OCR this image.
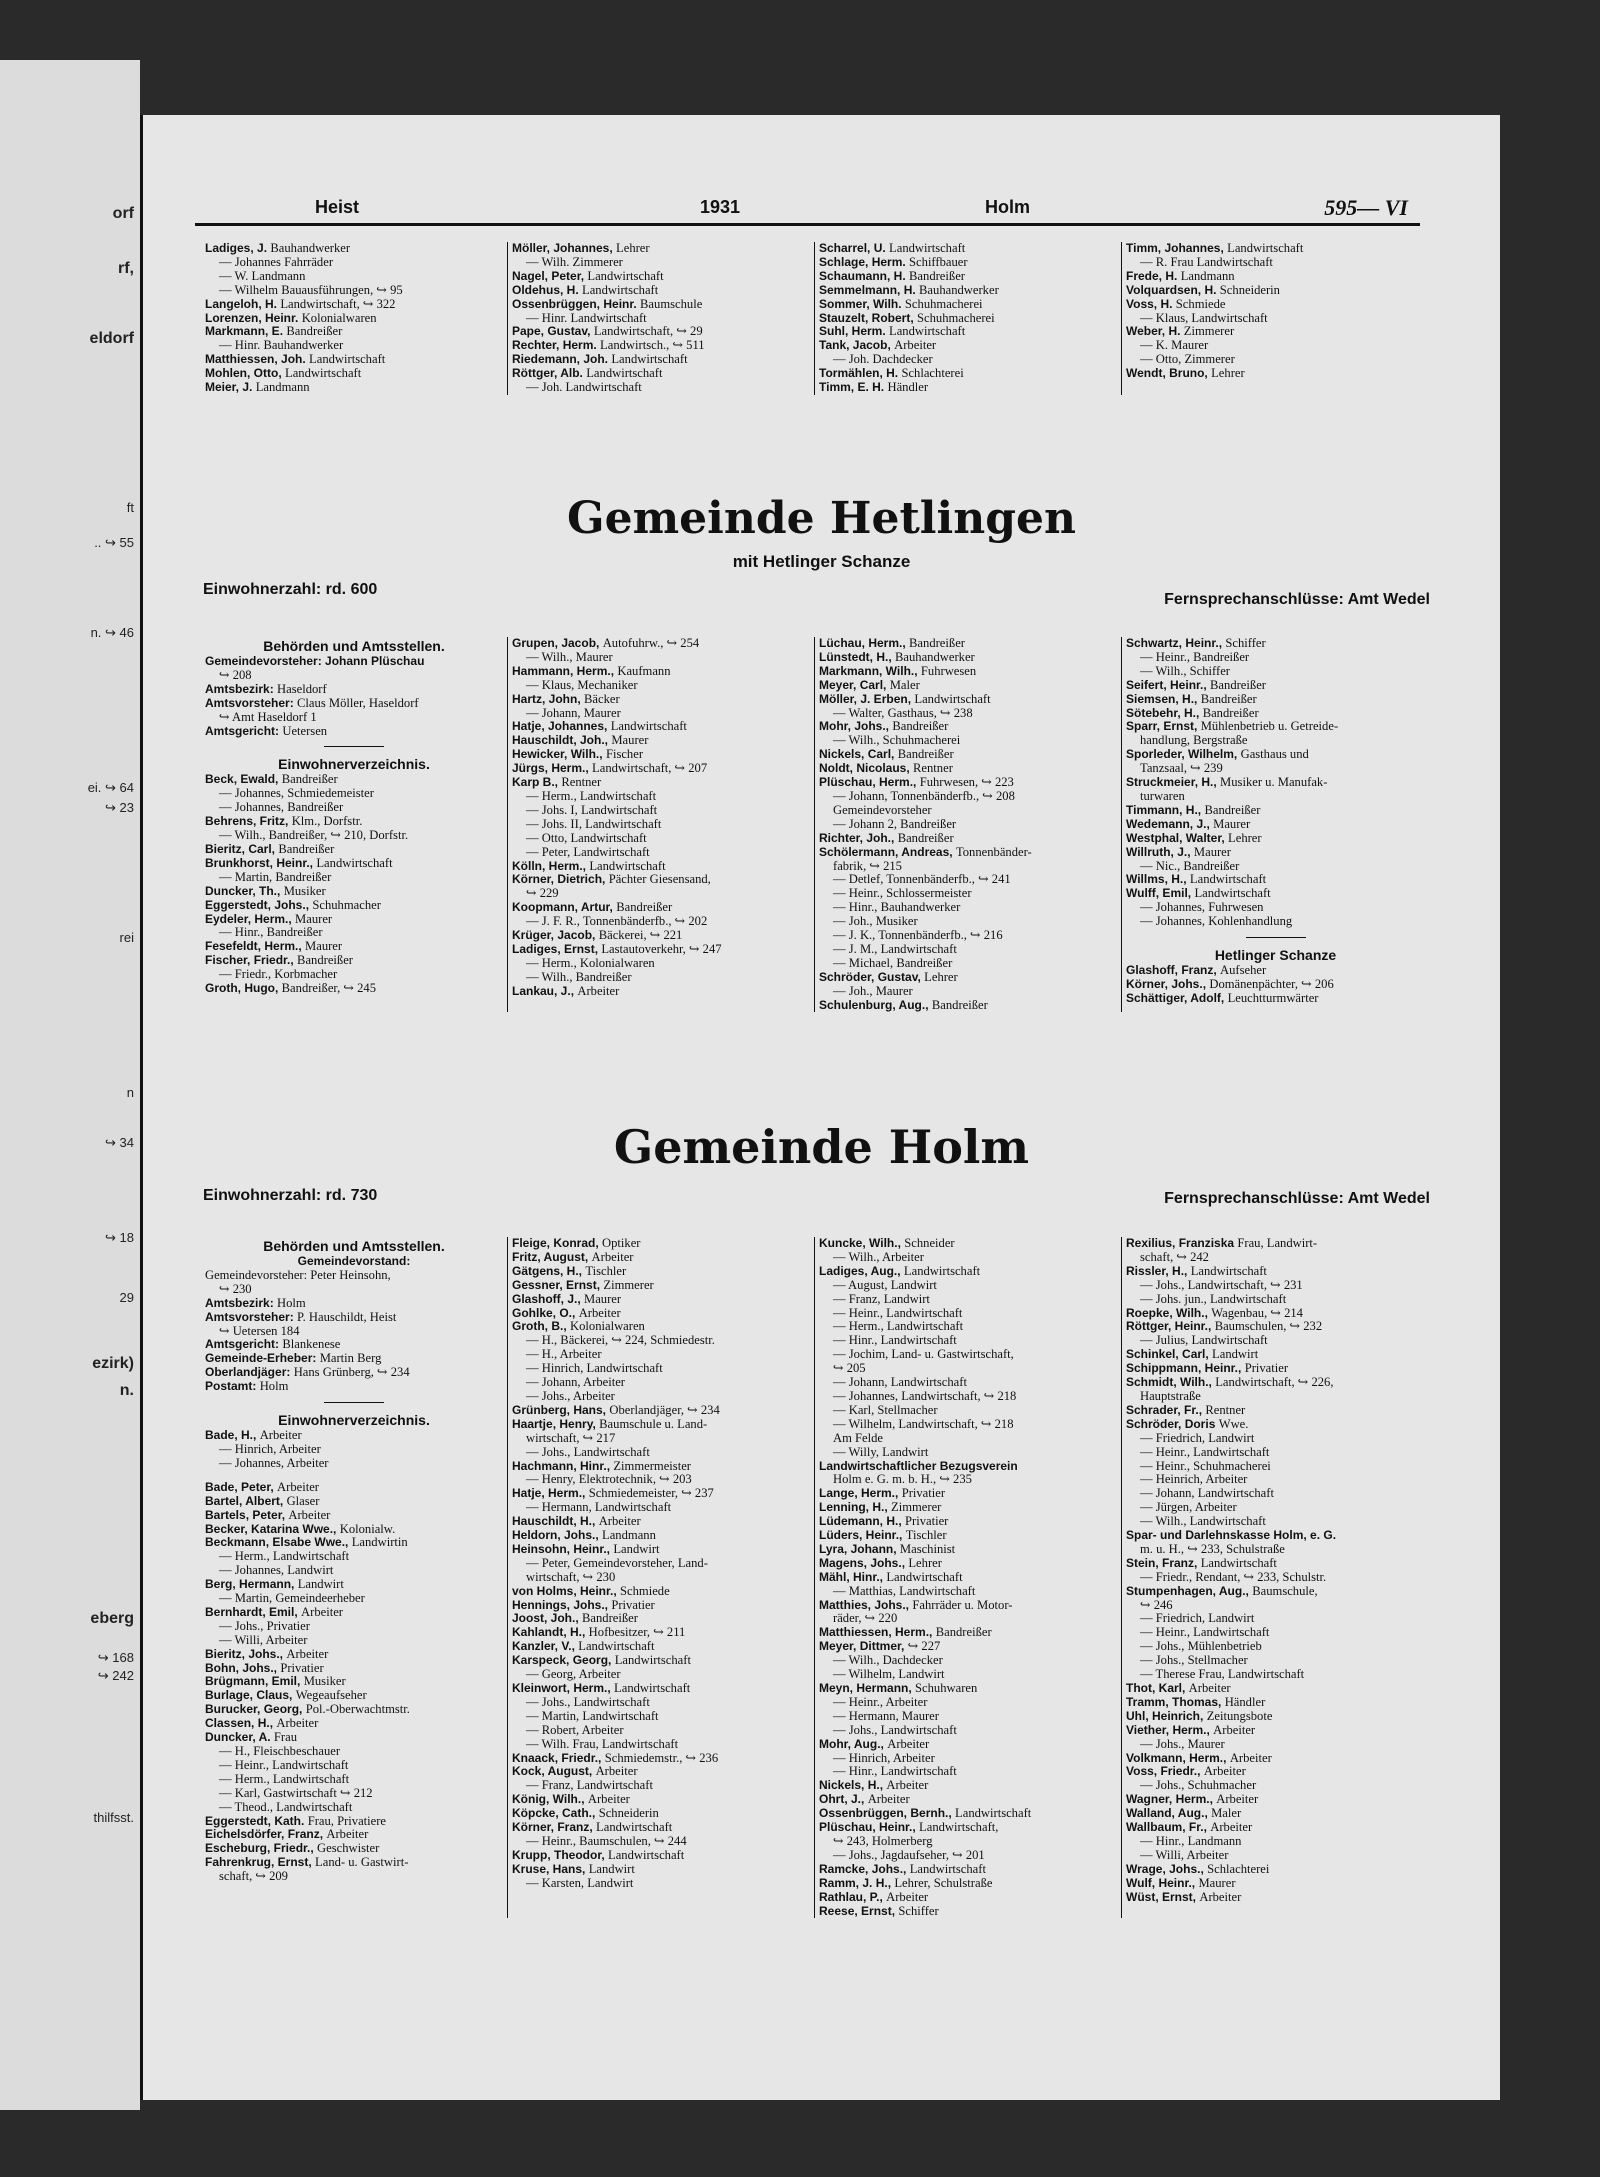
orf
rf,
eldorf
ft
.. ↪ 55
n. ↪ 46
ei. ↪ 64
↪ 23
rei
n
↪ 34
↪ 18
29
ezirk)
n.
eberg
↪ 168
↪ 242
thilfsst.
Heist	1931	Holm	595— VI
Ladiges, J. Bauhandwerker
— Johannes Fahrräder
— W. Landmann
— Wilhelm Bauausführungen, ↪ 95
Langeloh, H. Landwirtschaft, ↪ 322
Lorenzen, Heinr. Kolonialwaren
Markmann, E. Bandreißer
— Hinr. Bauhandwerker
Matthiessen, Joh. Landwirtschaft
Mohlen, Otto, Landwirtschaft
Meier, J. Landmann
Möller, Johannes, Lehrer
— Wilh. Zimmerer
Nagel, Peter, Landwirtschaft
Oldehus, H. Landwirtschaft
Ossenbrüggen, Heinr. Baumschule
— Hinr. Landwirtschaft
Pape, Gustav, Landwirtschaft, ↪ 29
Rechter, Herm. Landwirtsch., ↪ 511
Riedemann, Joh. Landwirtschaft
Röttger, Alb. Landwirtschaft
— Joh. Landwirtschaft
Scharrel, U. Landwirtschaft
Schlage, Herm. Schiffbauer
Schaumann, H. Bandreißer
Semmelmann, H. Bauhandwerker
Sommer, Wilh. Schuhmacherei
Stauzelt, Robert, Schuhmacherei
Suhl, Herm. Landwirtschaft
Tank, Jacob, Arbeiter
— Joh. Dachdecker
Tormählen, H. Schlachterei
Timm, E. H. Händler
Timm, Johannes, Landwirtschaft
— R. Frau Landwirtschaft
Frede, H. Landmann
Volquardsen, H. Schneiderin
Voss, H. Schmiede
— Klaus, Landwirtschaft
Weber, H. Zimmerer
— K. Maurer
— Otto, Zimmerer
Wendt, Bruno, Lehrer
Gemeinde Hetlingen
mit Hetlinger Schanze
Einwohnerzahl: rd. 600
Fernsprechanschlüsse: Amt Wedel
Behörden und Amtsstellen.
Gemeindevorsteher: Johann Plüschau
↪ 208
Amtsbezirk: Haseldorf
Amtsvorsteher: Claus Möller, Haseldorf
↪ Amt Haseldorf 1
Amtsgericht: Uetersen
Einwohnerverzeichnis.
Beck, Ewald, Bandreißer
— Johannes, Schmiedemeister
— Johannes, Bandreißer
Behrens, Fritz, Klm., Dorfstr.
— Wilh., Bandreißer, ↪ 210, Dorfstr.
Bieritz, Carl, Bandreißer
Brunkhorst, Heinr., Landwirtschaft
— Martin, Bandreißer
Duncker, Th., Musiker
Eggerstedt, Johs., Schuhmacher
Eydeler, Herm., Maurer
— Hinr., Bandreißer
Fesefeldt, Herm., Maurer
Fischer, Friedr., Bandreißer
— Friedr., Korbmacher
Groth, Hugo, Bandreißer, ↪ 245
Grupen, Jacob, Autofuhrw., ↪ 254
— Wilh., Maurer
Hammann, Herm., Kaufmann
— Klaus, Mechaniker
Hartz, John, Bäcker
— Johann, Maurer
Hatje, Johannes, Landwirtschaft
Hauschildt, Joh., Maurer
Hewicker, Wilh., Fischer
Jürgs, Herm., Landwirtschaft, ↪ 207
Karp B., Rentner
— Herm., Landwirtschaft
— Johs. I, Landwirtschaft
— Johs. II, Landwirtschaft
— Otto, Landwirtschaft
— Peter, Landwirtschaft
Kölln, Herm., Landwirtschaft
Körner, Dietrich, Pächter Giesensand,
↪ 229
Koopmann, Artur, Bandreißer
— J. F. R., Tonnenbänderfb., ↪ 202
Krüger, Jacob, Bäckerei, ↪ 221
Ladiges, Ernst, Lastautoverkehr, ↪ 247
— Herm., Kolonialwaren
— Wilh., Bandreißer
Lankau, J., Arbeiter
Lüchau, Herm., Bandreißer
Lünstedt, H., Bauhandwerker
Markmann, Wilh., Fuhrwesen
Meyer, Carl, Maler
Möller, J. Erben, Landwirtschaft
— Walter, Gasthaus, ↪ 238
Mohr, Johs., Bandreißer
— Wilh., Schuhmacherei
Nickels, Carl, Bandreißer
Noldt, Nicolaus, Rentner
Plüschau, Herm., Fuhrwesen, ↪ 223
— Johann, Tonnenbänderfb., ↪ 208
Gemeindevorsteher
— Johann 2, Bandreißer
Richter, Joh., Bandreißer
Schölermann, Andreas, Tonnenbänder-
fabrik, ↪ 215
— Detlef, Tonnenbänderfb., ↪ 241
— Heinr., Schlossermeister
— Hinr., Bauhandwerker
— Joh., Musiker
— J. K., Tonnenbänderfb., ↪ 216
— J. M., Landwirtschaft
— Michael, Bandreißer
Schröder, Gustav, Lehrer
— Joh., Maurer
Schulenburg, Aug., Bandreißer
Schwartz, Heinr., Schiffer
— Heinr., Bandreißer
— Wilh., Schiffer
Seifert, Heinr., Bandreißer
Siemsen, H., Bandreißer
Sötebehr, H., Bandreißer
Sparr, Ernst, Mühlenbetrieb u. Getreide-
handlung, Bergstraße
Sporleder, Wilhelm, Gasthaus und
Tanzsaal, ↪ 239
Struckmeier, H., Musiker u. Manufak-
turwaren
Timmann, H., Bandreißer
Wedemann, J., Maurer
Westphal, Walter, Lehrer
Willruth, J., Maurer
— Nic., Bandreißer
Willms, H., Landwirtschaft
Wulff, Emil, Landwirtschaft
— Johannes, Fuhrwesen
— Johannes, Kohlenhandlung
Hetlinger Schanze
Glashoff, Franz, Aufseher
Körner, Johs., Domänenpächter, ↪ 206
Schättiger, Adolf, Leuchtturmwärter
Gemeinde Holm
Einwohnerzahl: rd. 730	Fernsprechanschlüsse: Amt Wedel
Behörden und Amtsstellen.
Gemeindevorstand:
Gemeindevorsteher: Peter Heinsohn,
↪ 230
Amtsbezirk: Holm
Amtsvorsteher: P. Hauschildt, Heist
↪ Uetersen 184
Amtsgericht: Blankenese
Gemeinde-Erheber: Martin Berg
Oberlandjäger: Hans Grünberg, ↪ 234
Postamt: Holm
Einwohnerverzeichnis.
Bade, H., Arbeiter
— Hinrich, Arbeiter
— Johannes, Arbeiter
Bade, Peter, Arbeiter
Bartel, Albert, Glaser
Bartels, Peter, Arbeiter
Becker, Katarina Wwe., Kolonialw.
Beckmann, Elsabe Wwe., Landwirtin
— Herm., Landwirtschaft
— Johannes, Landwirt
Berg, Hermann, Landwirt
— Martin, Gemeindeerheber
Bernhardt, Emil, Arbeiter
— Johs., Privatier
— Willi, Arbeiter
Bieritz, Johs., Arbeiter
Bohn, Johs., Privatier
Brügmann, Emil, Musiker
Burlage, Claus, Wegeaufseher
Burucker, Georg, Pol.-Oberwachtmstr.
Classen, H., Arbeiter
Duncker, A. Frau
— H., Fleischbeschauer
— Heinr., Landwirtschaft
— Herm., Landwirtschaft
— Karl, Gastwirtschaft ↪ 212
— Theod., Landwirtschaft
Eggerstedt, Kath. Frau, Privatiere
Eichelsdörfer, Franz, Arbeiter
Escheburg, Friedr., Geschwister
Fahrenkrug, Ernst, Land- u. Gastwirt-
schaft, ↪ 209
Fleige, Konrad, Optiker
Fritz, August, Arbeiter
Gätgens, H., Tischler
Gessner, Ernst, Zimmerer
Glashoff, J., Maurer
Gohlke, O., Arbeiter
Groth, B., Kolonialwaren
— H., Bäckerei, ↪ 224, Schmiedestr.
— H., Arbeiter
— Hinrich, Landwirtschaft
— Johann, Arbeiter
— Johs., Arbeiter
Grünberg, Hans, Oberlandjäger, ↪ 234
Haartje, Henry, Baumschule u. Land-
wirtschaft, ↪ 217
— Johs., Landwirtschaft
Hachmann, Hinr., Zimmermeister
— Henry, Elektrotechnik, ↪ 203
Hatje, Herm., Schmiedemeister, ↪ 237
— Hermann, Landwirtschaft
Hauschildt, H., Arbeiter
Heldorn, Johs., Landmann
Heinsohn, Heinr., Landwirt
— Peter, Gemeindevorsteher, Land-
wirtschaft, ↪ 230
von Holms, Heinr., Schmiede
Hennings, Johs., Privatier
Joost, Joh., Bandreißer
Kahlandt, H., Hofbesitzer, ↪ 211
Kanzler, V., Landwirtschaft
Karspeck, Georg, Landwirtschaft
— Georg, Arbeiter
Kleinwort, Herm., Landwirtschaft
— Johs., Landwirtschaft
— Martin, Landwirtschaft
— Robert, Arbeiter
— Wilh. Frau, Landwirtschaft
Knaack, Friedr., Schmiedemstr., ↪ 236
Kock, August, Arbeiter
— Franz, Landwirtschaft
König, Wilh., Arbeiter
Köpcke, Cath., Schneiderin
Körner, Franz, Landwirtschaft
— Heinr., Baumschulen, ↪ 244
Krupp, Theodor, Landwirtschaft
Kruse, Hans, Landwirt
— Karsten, Landwirt
Kuncke, Wilh., Schneider
— Wilh., Arbeiter
Ladiges, Aug., Landwirtschaft
— August, Landwirt
— Franz, Landwirt
— Heinr., Landwirtschaft
— Herm., Landwirtschaft
— Hinr., Landwirtschaft
— Jochim, Land- u. Gastwirtschaft,
↪ 205
— Johann, Landwirtschaft
— Johannes, Landwirtschaft, ↪ 218
— Karl, Stellmacher
— Wilhelm, Landwirtschaft, ↪ 218
Am Felde
— Willy, Landwirt
Landwirtschaftlicher Bezugsverein
Holm e. G. m. b. H., ↪ 235
Lange, Herm., Privatier
Lenning, H., Zimmerer
Lüdemann, H., Privatier
Lüders, Heinr., Tischler
Lyra, Johann, Maschinist
Magens, Johs., Lehrer
Mähl, Hinr., Landwirtschaft
— Matthias, Landwirtschaft
Matthies, Johs., Fahrräder u. Motor-
räder, ↪ 220
Matthiessen, Herm., Bandreißer
Meyer, Dittmer, ↪ 227
— Wilh., Dachdecker
— Wilhelm, Landwirt
Meyn, Hermann, Schuhwaren
— Heinr., Arbeiter
— Hermann, Maurer
— Johs., Landwirtschaft
Mohr, Aug., Arbeiter
— Hinrich, Arbeiter
— Hinr., Landwirtschaft
Nickels, H., Arbeiter
Ohrt, J., Arbeiter
Ossenbrüggen, Bernh., Landwirtschaft
Plüschau, Heinr., Landwirtschaft,
↪ 243, Holmerberg
— Johs., Jagdaufseher, ↪ 201
Ramcke, Johs., Landwirtschaft
Ramm, J. H., Lehrer, Schulstraße
Rathlau, P., Arbeiter
Reese, Ernst, Schiffer
Rexilius, Franziska Frau, Landwirt-
schaft, ↪ 242
Rissler, H., Landwirtschaft
— Johs., Landwirtschaft, ↪ 231
— Johs. jun., Landwirtschaft
Roepke, Wilh., Wagenbau, ↪ 214
Röttger, Heinr., Baumschulen, ↪ 232
— Julius, Landwirtschaft
Schinkel, Carl, Landwirt
Schippmann, Heinr., Privatier
Schmidt, Wilh., Landwirtschaft, ↪ 226,
Hauptstraße
Schrader, Fr., Rentner
Schröder, Doris Wwe.
— Friedrich, Landwirt
— Heinr., Landwirtschaft
— Heinr., Schuhmacherei
— Heinrich, Arbeiter
— Johann, Landwirtschaft
— Jürgen, Arbeiter
— Wilh., Landwirtschaft
Spar- und Darlehnskasse Holm, e. G.
m. u. H., ↪ 233, Schulstraße
Stein, Franz, Landwirtschaft
— Friedr., Rendant, ↪ 233, Schulstr.
Stumpenhagen, Aug., Baumschule,
↪ 246
— Friedrich, Landwirt
— Heinr., Landwirtschaft
— Johs., Mühlenbetrieb
— Johs., Stellmacher
— Therese Frau, Landwirtschaft
Thot, Karl, Arbeiter
Tramm, Thomas, Händler
Uhl, Heinrich, Zeitungsbote
Viether, Herm., Arbeiter
— Johs., Maurer
Volkmann, Herm., Arbeiter
Voss, Friedr., Arbeiter
— Johs., Schuhmacher
Wagner, Herm., Arbeiter
Walland, Aug., Maler
Wallbaum, Fr., Arbeiter
— Hinr., Landmann
— Willi, Arbeiter
Wrage, Johs., Schlachterei
Wulf, Heinr., Maurer
Wüst, Ernst, Arbeiter
